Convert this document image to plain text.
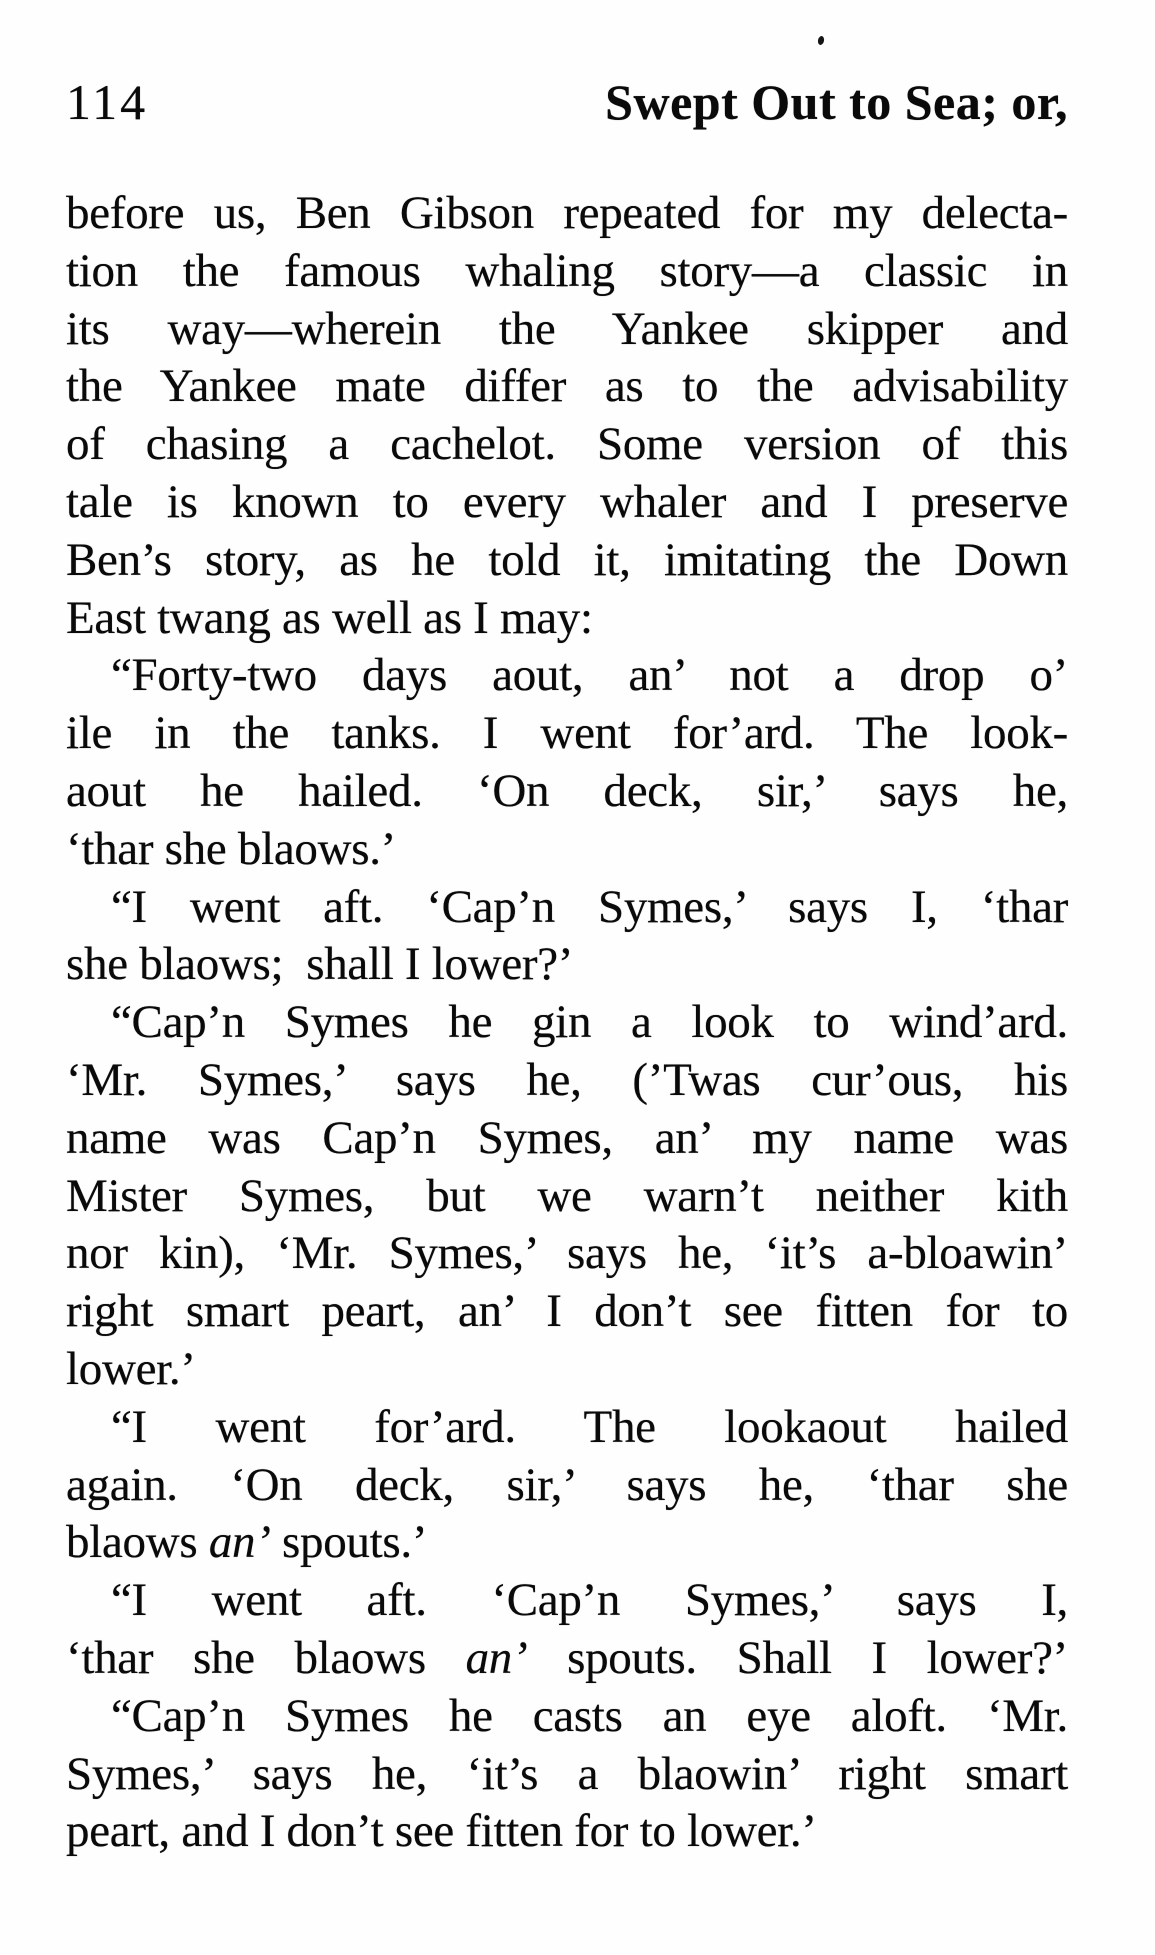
114	Swept Out to Sea; or,
before us, Ben Gibson repeated for my delecta-
tion the famous whaling story—a classic in
its way—wherein the Yankee skipper and
the Yankee mate differ as to the advisability
of chasing a cachelot. Some version of this
tale is known to every whaler and I preserve
Ben’s story, as he told it, imitating the Down
East twang as well as I may:
“Forty-two days aout, an’ not a drop o’
ile in the tanks. I went for’ard. The look-
aout he hailed. ‘On deck, sir,’ says he,
‘thar she blaows.’
“I went aft. ‘Cap’n Symes,’ says I, ‘thar
she blaows;  shall I lower?’
“Cap’n Symes he gin a look to wind’ard.
‘Mr. Symes,’ says he, (’Twas cur’ous, his
name was Cap’n Symes, an’ my name was
Mister Symes, but we warn’t neither kith
nor kin), ‘Mr. Symes,’ says he, ‘it’s a-bloawin’
right smart peart, an’ I don’t see fitten for to
lower.’
“I went for’ard. The lookaout hailed
again. ‘On deck, sir,’ says he, ‘thar she
blaows an’ spouts.’
“I went aft. ‘Cap’n Symes,’ says I,
‘thar she blaows an’ spouts. Shall I lower?’
“Cap’n Symes he casts an eye aloft. ‘Mr.
Symes,’ says he, ‘it’s a blaowin’ right smart
peart, and I don’t see fitten for to lower.’
